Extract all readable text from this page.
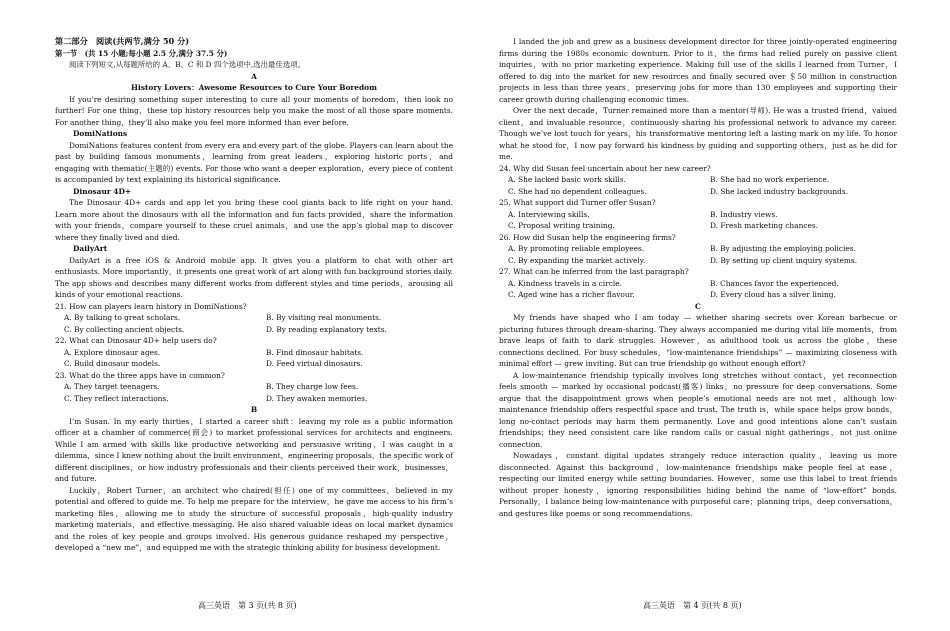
第二部分　阅读(共两节,满分 50 分)

第一节　(共 15 小题;每小题 2.5 分,满分 37.5 分)

阅读下列短文,从每题所给的 A、B、C 和 D 四个选项中,选出最佳选项。

A

History Lovers：Awesome Resources to Cure Your Boredom

If you’re desiring something super interesting to cure all your moments of boredom，then look no further! For one thing，these top history resources help you make the most of all those spare moments. For another thing，they’ll also make you feel more informed than ever before.

DomiNations

DomiNations features content from every era and every part of the globe. Players can learn about the past by building famous monuments，learning from great leaders，exploring historic ports，and engaging with thematic(主题的) events. For those who want a deeper exploration，every piece of content is accompanied by text explaining its historical significance.

Dinosaur 4D+

The Dinosaur 4D+ cards and app let you bring these cool giants back to life right on your hand. Learn more about the dinosaurs with all the information and fun facts provided，share the information with your friends，compare yourself to these cruel animals，and use the app’s global map to discover where they finally lived and died.

DailyArt

DailyArt is a free iOS & Android mobile app. It gives you a platform to chat with other art enthusiasts. More importantly，it presents one great work of art along with fun background stories daily. The app shows and describes many different works from different styles and time periods，arousing all kinds of your emotional reactions.

21. How can players learn history in DomiNations?

A. By talking to great scholars.	B. By visiting real monuments.
C. By collecting ancient objects.	D. By reading explanatory texts.

22. What can Dinosaur 4D+ help users do?

A. Explore dinosaur ages.	B. Find dinosaur habitats.
C. Build dinosaur models.	D. Feed virtual dinosaurs.

23. What do the three apps have in common?

A. They target teenagers.	B. They charge low fees.
C. They reflect interactions.	D. They awaken memories.

B

I’m Susan. In my early thirties，I started a career shift：leaving my role as a public information officer at a chamber of commerce(商会) to market professional services for architects and engineers. While I am armed with skills like productive networking and persuasive writing，I was caught in a dilemma，since I knew nothing about the built environment，engineering proposals，the specific work of different disciplines，or how industry professionals and their clients perceived their work，businesses，and future.

Luckily，Robert Turner，an architect who chaired(担任) one of my committees，believed in my potential and offered to guide me. To help me prepare for the interview，he gave me access to his firm’s marketing files，allowing me to study the structure of successful proposals，high-quality industry marketing materials，and effective messaging. He also shared valuable ideas on local market dynamics and the roles of key people and groups involved. His generous guidance reshaped my perspective，developed a “new me”，and equipped me with the strategic thinking ability for business development.

I landed the job and grew as a business development director for three jointly-operated engineering firms during the 1980s economic downturn. Prior to it，the firms had relied purely on passive client inquiries，with no prior marketing experience. Making full use of the skills I learned from Turner，I offered to dig into the market for new resources and finally secured over ＄50 million in construction projects in less than three years，preserving jobs for more than 130 employees and supporting their career growth during challenging economic times.

Over the next decade，Turner remained more than a mentor(导师). He was a trusted friend，valued client，and invaluable resource，continuously sharing his professional network to advance my career. Though we’ve lost touch for years，his transformative mentoring left a lasting mark on my life. To honor what he stood for，I now pay forward his kindness by guiding and supporting others，just as he did for me.

24. Why did Susan feel uncertain about her new career?

A. She lacked basic work skills.	B. She had no work experience.
C. She had no dependent colleagues.	D. She lacked industry backgrounds.

25. What support did Turner offer Susan?

A. Interviewing skills.	B. Industry views.
C. Proposal writing training.	D. Fresh marketing chances.

26. How did Susan help the engineering firms?

A. By promoting reliable employees.	B. By adjusting the employing policies.
C. By expanding the market actively.	D. By setting up client inquiry systems.

27. What can be inferred from the last paragraph?

A. Kindness travels in a circle.	B. Chances favor the experienced.
C. Aged wine has a richer flavour.	D. Every cloud has a silver lining.

C

My friends have shaped who I am today — whether sharing secrets over Korean barbecue or picturing futures through dream-sharing. They always accompanied me during vital life moments，from brave leaps of faith to dark struggles. However，as adulthood took us across the globe，these connections declined. For busy schedules，“low-maintenance friendships” — maximizing closeness with minimal effort — grew inviting. But can true friendship go without enough effort?

A low-maintenance friendship typically involves long stretches without contact，yet reconnection feels smooth — marked by occasional podcast(播客) links，no pressure for deep conversations. Some argue that the disappointment grows when people’s emotional needs are not met，although low-maintenance friendship offers respectful space and trust. The truth is，while space helps grow bonds，long no-contact periods may harm them permanently. Love and good intentions alone can’t sustain friendships；they need consistent care like random calls or casual night gatherings，not just online connection.

Nowadays，constant digital updates strangely reduce interaction quality，leaving us more disconnected. Against this background，low-maintenance friendships make people feel at ease，respecting our limited energy while setting boundaries. However，some use this label to treat friends without proper honesty，ignoring responsibilities hiding behind the name of “low-effort” bonds. Personally，I balance being low-maintenance with purposeful care；planning trips，deep conversations，and gestures like poems or song recommendations.

高三英语　第 3 页(共 8 页)	高三英语　第 4 页(共 8 页)
